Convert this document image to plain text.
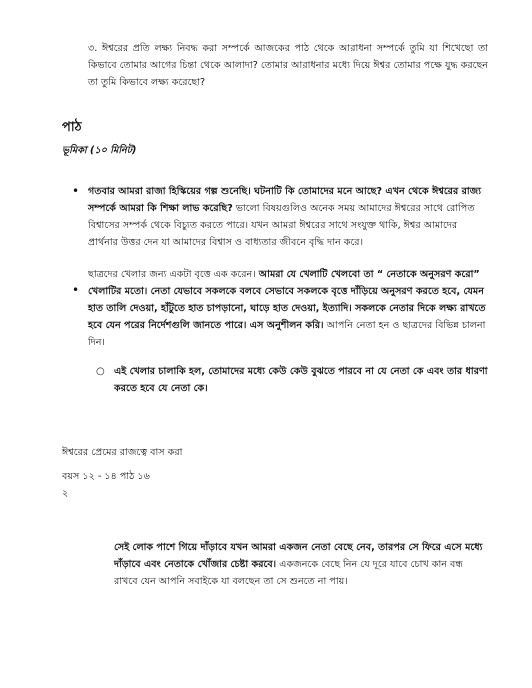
৩. ঈশ্বরের প্রতি লক্ষ্য নিবদ্ধ করা সম্পর্কে আজকের পাঠ থেকে আরাধনা সম্পর্কে তুমি যা শিখেছো তা কিভাবে তোমার আগের চিন্তা থেকে আলাদা? তোমার আরাধনার মধ্যে দিয়ে ঈশ্বর তোমার পক্ষে যুদ্ধ করছেন তা তুমি কিভাবে লক্ষ্য করেছো?
পাঠ
ভূমিকা (১০ মিনিট)
• গতবার আমরা রাজা হিস্কিয়ের গল্প শুনেছি। ঘটনাটি কি তোমাদের মনে আছে? এখন থেকে ঈশ্বরের রাজ্য সম্পর্কে আমরা কি শিক্ষা লাভ করেছি? ভালো বিষয়গুলিও অনেক সময় আমাদের ঈশ্বরের সাথে রোপিত বিশ্বাসের সম্পর্ক থেকে বিচ্যুত করতে পারে। যখন আমরা ঈশ্বরের সাথে সংযুক্ত থাকি, ঈশ্বর আমাদের প্রার্থনার উত্তর দেন যা আমাদের বিশ্বাস ও বাধ্যতার জীবনে বৃদ্ধি দান করে।
ছাত্রদের খেলার জন্য একটা বৃত্তে এক করেন। আমরা যে খেলাটি খেলবো তা “ নেতাকে অনুসরণ করো” খেলাটির মতো। নেতা যেভাবে সকলকে বলবে সেভাবে সকলকে বৃত্তে দাঁড়িয়ে অনুসরণ করতে হবে, যেমন হাত তালি দেওয়া, হাঁটুতে হাত চাপড়ানো, ঘাড়ে হাত দেওয়া, ইত্যাদি। সকলকে নেতার দিকে লক্ষ্য রাখতে হবে যেন পরের নির্দেশগুলি জানতে পারে। এস অনুশীলন করি। আপনি নেতা হন ও ছাত্রদের বিভিন্ন চালনা দিন।
•
○ এই খেলার চালাকি হল, তোমাদের মধ্যে কেউ কেউ বুঝতে পারবে না যে নেতা কে এবং তার ধারণা করতে হবে যে নেতা কে।
ঈশ্বরের প্রেমের রাজত্বে বাস করা
বয়স ১২ - ১৪ পাঠ ১৬
২
সেই লোক পাশে গিয়ে দাঁড়াবে যখন আমরা একজন নেতা বেছে নেব, তারপর সে ফিরে এসে মধ্যে দাঁড়াবে এবং নেতাকে খোঁজার চেষ্টা করবে। একজনকে বেছে নিন যে দূরে যাবে চোখ কান বন্ধ রাখবে যেন আপনি সবাইকে যা বলছেন তা সে শুনতে না পায়।
